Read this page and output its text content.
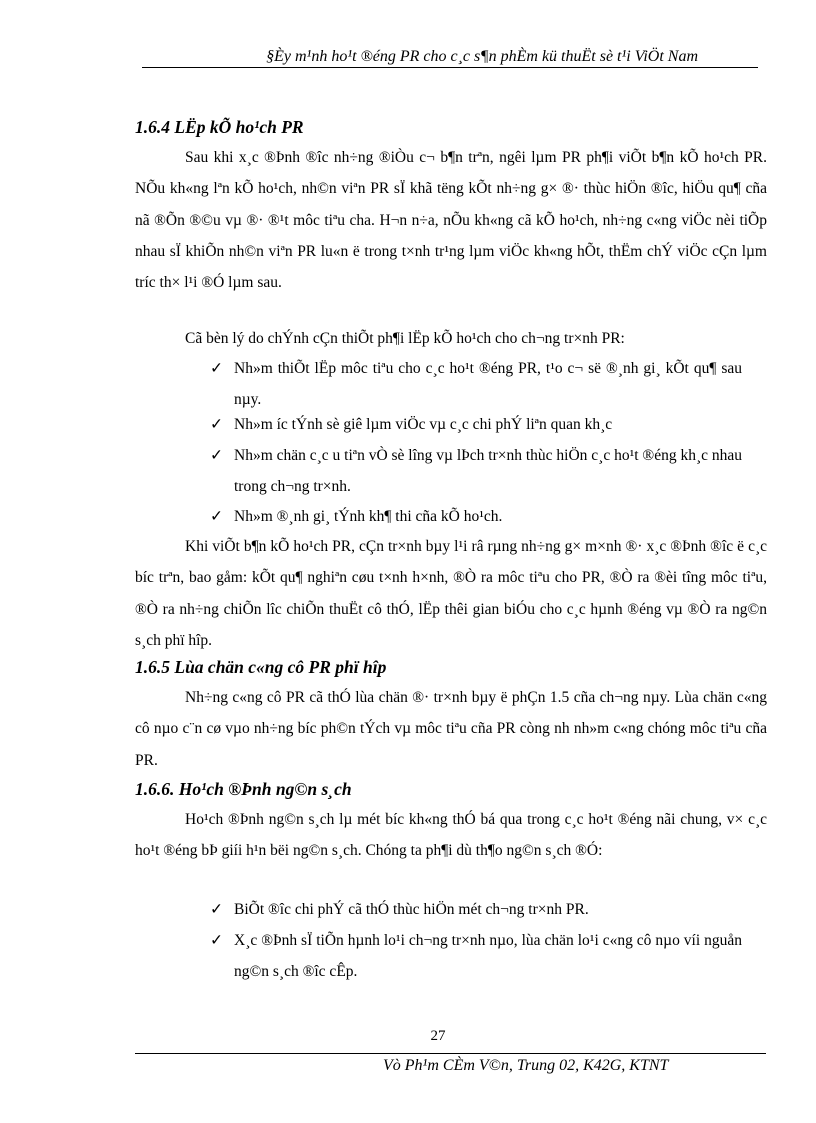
§Èy m¹nh ho¹t ®éng PR cho c¸c s¶n phÈm kü thuËt sè t¹i ViÖt Nam
1.6.4 LËp kÕ ho¹ch PR

Sau khi x¸c ®Þnh ®îc nh÷ng ®iÒu c¬ b¶n trªn, ngêi lµm PR ph¶i viÕt b¶n kÕ ho¹ch PR. NÕu kh«ng lªn kÕ ho¹ch, nh©n viªn PR sÏ khã tëng kÕt nh÷ng g× ®· thùc hiÖn ®îc, hiÖu qu¶ cña nã ®Õn ®©u vµ ®· ®¹t môc tiªu cha. H¬n n÷a, nÕu kh«ng cã kÕ ho¹ch, nh÷ng c«ng viÖc nèi tiÕp nhau sÏ khiÕn nh©n viªn PR lu«n ë trong t×nh tr¹ng lµm viÖc kh«ng hÕt, thËm chÝ viÖc cÇn lµm tríc th× l¹i ®Ó lµm sau.

Cã bèn lý do chÝnh cÇn thiÕt ph¶i lËp kÕ ho¹ch cho ch¬ng tr×nh PR:

✓ Nh»m thiÕt lËp môc tiªu cho c¸c ho¹t ®éng PR, t¹o c¬ së ®¸nh gi¸ kÕt qu¶ sau nµy.
✓ Nh»m íc tÝnh sè giê lµm viÖc vµ c¸c chi phÝ liªn quan kh¸c
✓ Nh»m chän c¸c u tiªn vÒ sè lîng vµ lÞch tr×nh thùc hiÖn c¸c ho¹t ®éng kh¸c nhau trong ch¬ng tr×nh.
✓ Nh»m ®¸nh gi¸ tÝnh kh¶ thi cña kÕ ho¹ch.

Khi viÕt b¶n kÕ ho¹ch PR, cÇn tr×nh bµy l¹i râ rµng nh÷ng g× m×nh ®· x¸c ®Þnh ®îc ë c¸c bíc trªn, bao gåm: kÕt qu¶ nghiªn cøu t×nh h×nh, ®Ò ra môc tiªu cho PR, ®Ò ra ®èi tîng môc tiªu, ®Ò ra nh÷ng chiÕn lîc chiÕn thuËt cô thÓ, lËp thêi gian biÓu cho c¸c hµnh ®éng vµ ®Ò ra ng©n s¸ch phï hîp.

1.6.5 Lùa chän c«ng cô PR phï hîp

Nh÷ng c«ng cô PR cã thÓ lùa chän ®· tr×nh bµy ë phÇn 1.5 cña ch¬ng nµy. Lùa chän c«ng cô nµo c¨n cø vµo nh÷ng bíc ph©n tÝch vµ môc tiªu cña PR còng nh nh»m c«ng chóng môc tiªu cña PR.

1.6.6. Ho¹ch ®Þnh ng©n s¸ch

Ho¹ch ®Þnh ng©n s¸ch lµ mét bíc kh«ng thÓ bá qua trong c¸c ho¹t ®éng nãi chung, v× c¸c ho¹t ®éng bÞ giíi h¹n bëi ng©n s¸ch. Chóng ta ph¶i dù th¶o ng©n s¸ch ®Ó:

✓ BiÕt ®îc chi phÝ cã thÓ thùc hiÖn mét ch¬ng tr×nh PR.
✓ X¸c ®Þnh sÏ tiÕn hµnh lo¹i ch¬ng tr×nh nµo, lùa chän lo¹i c«ng cô nµo víi nguån ng©n s¸ch ®îc cÊp.
27
Vò Ph¹m CÈm V©n, Trung 02, K42G, KTNT
